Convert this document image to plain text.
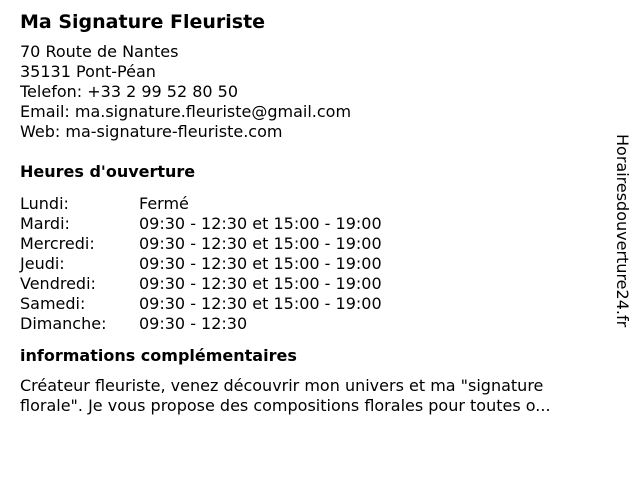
Ma Signature Fleuriste
70 Route de Nantes
35131 Pont-Péan
Telefon: +33 2 99 52 80 50
Email: ma.signature.fleuriste@gmail.com
Web: ma-signature-fleuriste.com
Heures d'ouverture
Lundi:	Fermé
Mardi:	09:30 - 12:30 et 15:00 - 19:00
Mercredi:	09:30 - 12:30 et 15:00 - 19:00
Jeudi:	09:30 - 12:30 et 15:00 - 19:00
Vendredi:	09:30 - 12:30 et 15:00 - 19:00
Samedi:	09:30 - 12:30 et 15:00 - 19:00
Dimanche:	09:30 - 12:30
informations complémentaires
Créateur fleuriste, venez découvrir mon univers et ma "signature florale". Je vous propose des compositions florales pour toutes o...
Horairesdouverture24.fr
